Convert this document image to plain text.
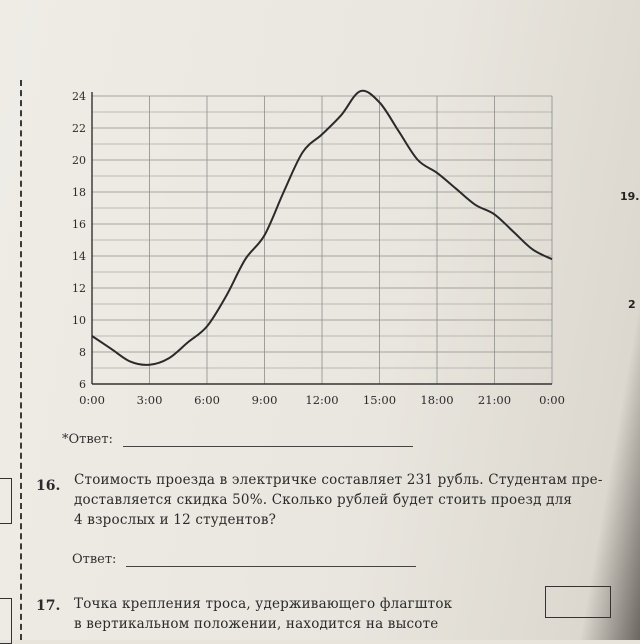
6
8
10
12
14
16
18
20
22
24
0:00	3:00	6:00	9:00 12:00 15:00 18:00 21:00 0:00
*Ответ:
16. Стоимость проезда в электричке составляет 231 рубль. Студентам пре-
доставляется скидка 50%. Сколько рублей будет стоить проезд для
4 взрослых и 12 студентов?
Ответ:
17. Точка крепления троса, удерживающего флагшток
в вертикальном положении, находится на высоте
19.
2
